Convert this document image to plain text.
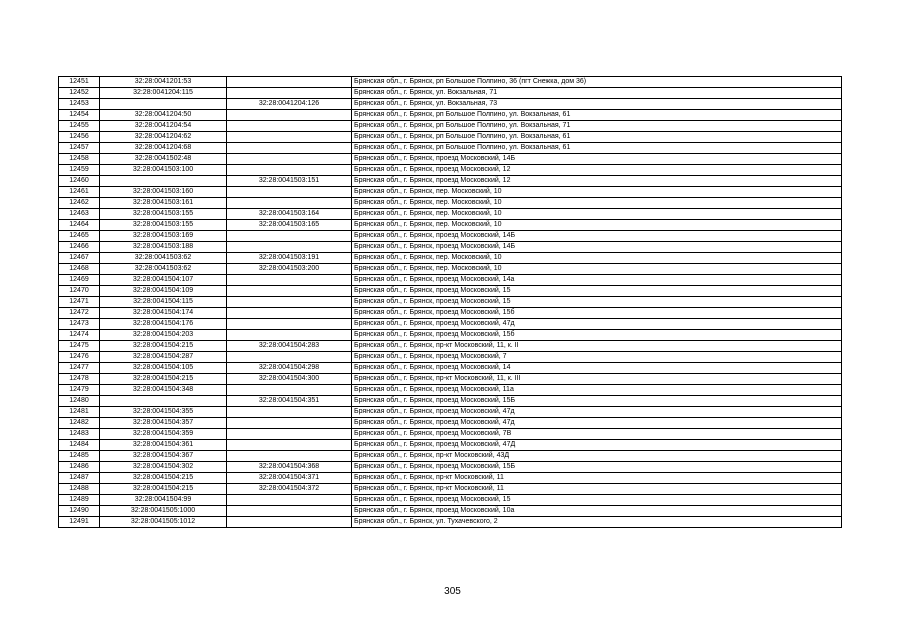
12451	32:28:0041201:53		Брянская обл., г. Брянск, рп Большое Полпино, 36 (пгт Снежка, дом 36)
12452	32:28:0041204:115		Брянская обл., г. Брянск, ул. Вокзальная, 71
12453		32:28:0041204:126	Брянская обл., г. Брянск, ул. Вокзальная, 73
12454	32:28:0041204:50		Брянская обл., г. Брянск, рп Большое Полпино, ул. Вокзальная, 61
12455	32:28:0041204:54		Брянская обл., г. Брянск, рп Большое Полпино, ул. Вокзальная, 71
12456	32:28:0041204:62		Брянская обл., г. Брянск, рп Большое Полпино, ул. Вокзальная, 61
12457	32:28:0041204:68		Брянская обл., г. Брянск, рп Большое Полпино, ул. Вокзальная, 61
12458	32:28:0041502:48		Брянская обл., г. Брянск, проезд Московский, 14Б
12459	32:28:0041503:100		Брянская обл., г. Брянск, проезд Московский, 12
12460		32:28:0041503:151	Брянская обл., г. Брянск, проезд Московский, 12
12461	32:28:0041503:160		Брянская обл., г. Брянск, пер. Московский, 10
12462	32:28:0041503:161		Брянская обл., г. Брянск, пер. Московский, 10
12463	32:28:0041503:155	32:28:0041503:164	Брянская обл., г. Брянск, пер. Московский, 10
12464	32:28:0041503:155	32:28:0041503:165	Брянская обл., г. Брянск, пер. Московский, 10
12465	32:28:0041503:169		Брянская обл., г. Брянск, проезд Московский, 14Б
12466	32:28:0041503:188		Брянская обл., г. Брянск, проезд Московский, 14Б
12467	32:28:0041503:62	32:28:0041503:191	Брянская обл., г. Брянск, пер. Московский, 10
12468	32:28:0041503:62	32:28:0041503:200	Брянская обл., г. Брянск, пер. Московский, 10
12469	32:28:0041504:107		Брянская обл., г. Брянск, проезд Московский, 14а
12470	32:28:0041504:109		Брянская обл., г. Брянск, проезд Московский, 15
12471	32:28:0041504:115		Брянская обл., г. Брянск, проезд Московский, 15
12472	32:28:0041504:174		Брянская обл., г. Брянск, проезд Московский, 15б
12473	32:28:0041504:176		Брянская обл., г. Брянск, проезд Московский, 47д
12474	32:28:0041504:203		Брянская обл., г. Брянск, проезд Московский, 15б
12475	32:28:0041504:215	32:28:0041504:283	Брянская обл., г. Брянск, пр-кт Московский, 11, к. II
12476	32:28:0041504:287		Брянская обл., г. Брянск, проезд Московский, 7
12477	32:28:0041504:105	32:28:0041504:298	Брянская обл., г. Брянск, проезд Московский, 14
12478	32:28:0041504:215	32:28:0041504:300	Брянская обл., г. Брянск, пр-кт Московский, 11, к. III
12479	32:28:0041504:348		Брянская обл., г. Брянск, проезд Московский, 11а
12480		32:28:0041504:351	Брянская обл., г. Брянск, проезд Московский, 15Б
12481	32:28:0041504:355		Брянская обл., г. Брянск, проезд Московский, 47д
12482	32:28:0041504:357		Брянская обл., г. Брянск, проезд Московский, 47д
12483	32:28:0041504:359		Брянская обл., г. Брянск, проезд Московский, 7В
12484	32:28:0041504:361		Брянская обл., г. Брянск, проезд Московский, 47Д
12485	32:28:0041504:367		Брянская обл., г. Брянск, пр-кт Московский, 43Д
12486	32:28:0041504:302	32:28:0041504:368	Брянская обл., г. Брянск, проезд Московский, 15Б
12487	32:28:0041504:215	32:28:0041504:371	Брянская обл., г. Брянск, пр-кт Московский, 11
12488	32:28:0041504:215	32:28:0041504:372	Брянская обл., г. Брянск, пр-кт Московский, 11
12489	32:28:0041504:99		Брянская обл., г. Брянск, проезд Московский, 15
12490	32:28:0041505:1000		Брянская обл., г. Брянск, проезд Московский, 10а
12491	32:28:0041505:1012		Брянская обл., г. Брянск, ул. Тухачевского, 2
305
